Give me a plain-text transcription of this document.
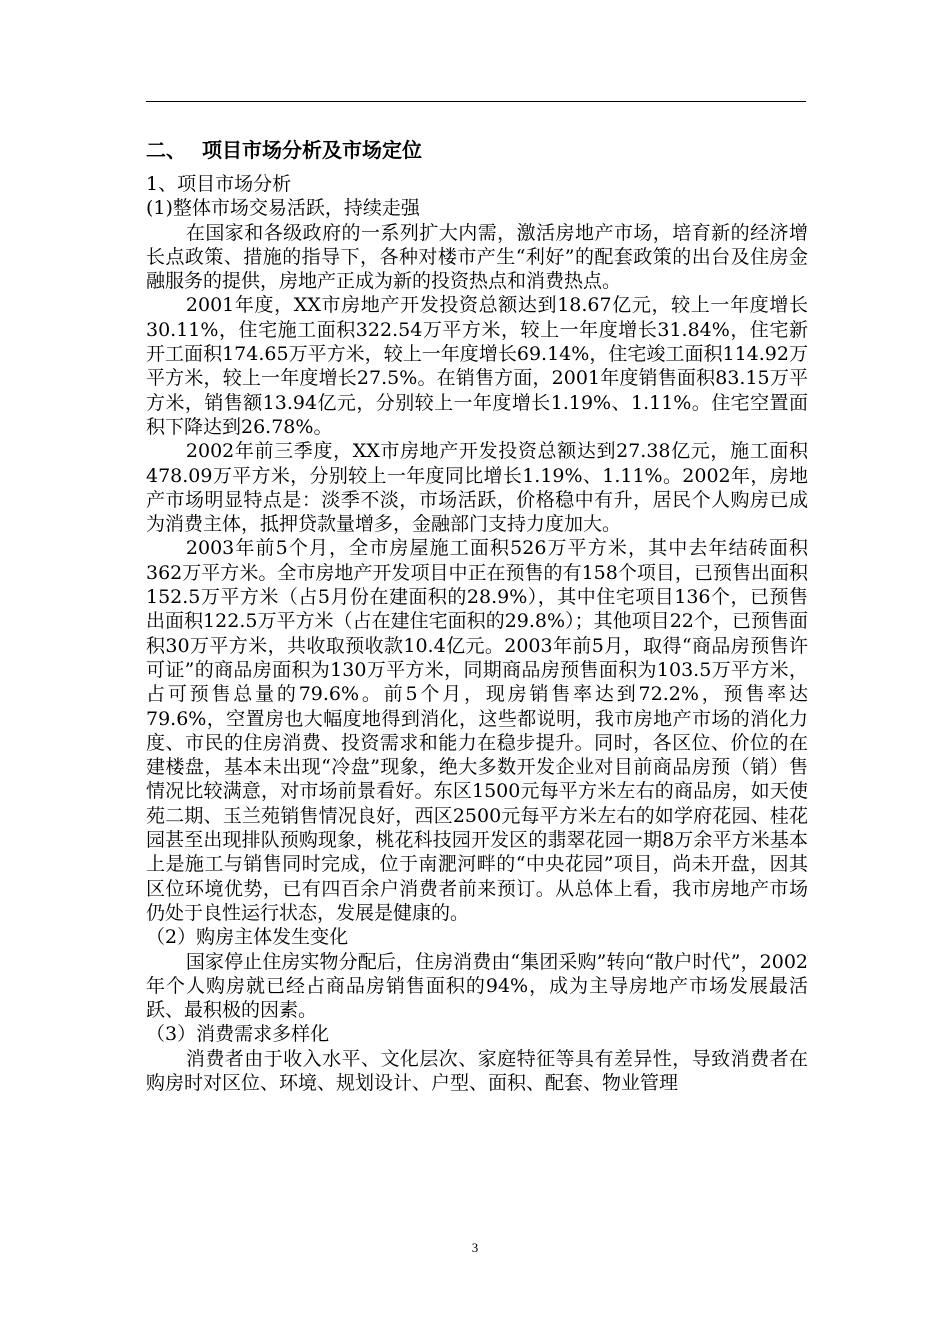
二、 项目市场分析及市场定位

1、项目市场分析

(1)整体市场交易活跃，持续走强

在国家和各级政府的一系列扩大内需，激活房地产市场，培育新的经济增长点政策、措施的指导下，各种对楼市产生“利好”的配套政策的出台及住房金融服务的提供，房地产正成为新的投资热点和消费热点。

2001年度，XX市房地产开发投资总额达到18.67亿元，较上一年度增长30.11%，住宅施工面积322.54万平方米，较上一年度增长31.84%，住宅新开工面积174.65万平方米，较上一年度增长69.14%，住宅竣工面积114.92万平方米，较上一年度增长27.5%。在销售方面，2001年度销售面积83.15万平方米，销售额13.94亿元，分别较上一年度增长1.19%、1.11%。住宅空置面积下降达到26.78%。

2002年前三季度，XX市房地产开发投资总额达到27.38亿元，施工面积478.09万平方米，分别较上一年度同比增长1.19%、1.11%。2002年，房地产市场明显特点是：淡季不淡，市场活跃，价格稳中有升，居民个人购房已成为消费主体，抵押贷款量增多，金融部门支持力度加大。

2003年前5个月，全市房屋施工面积526万平方米，其中去年结砖面积362万平方米。全市房地产开发项目中正在预售的有158个项目，已预售出面积152.5万平方米（占5月份在建面积的28.9%），其中住宅项目136个，已预售出面积122.5万平方米（占在建住宅面积的29.8%）；其他项目22个，已预售面积30万平方米，共收取预收款10.4亿元。2003年前5月，取得“商品房预售许可证”的商品房面积为130万平方米，同期商品房预售面积为103.5万平方米，占可预售总量的79.6%。前5个月，现房销售率达到72.2%，预售率达79.6%，空置房也大幅度地得到消化，这些都说明，我市房地产市场的消化力度、市民的住房消费、投资需求和能力在稳步提升。同时，各区位、价位的在建楼盘，基本未出现“冷盘”现象，绝大多数开发企业对目前商品房预（销）售情况比较满意，对市场前景看好。东区1500元每平方米左右的商品房，如天使苑二期、玉兰苑销售情况良好，西区2500元每平方米左右的如学府花园、桂花园甚至出现排队预购现象，桃花科技园开发区的翡翠花园一期8万余平方米基本上是施工与销售同时完成，位于南淝河畔的“中央花园”项目，尚未开盘，因其区位环境优势，已有四百余户消费者前来预订。从总体上看，我市房地产市场仍处于良性运行状态，发展是健康的。

（2）购房主体发生变化

国家停止住房实物分配后，住房消费由“集团采购”转向“散户时代”，2002年个人购房就已经占商品房销售面积的94%，成为主导房地产市场发展最活跃、最积极的因素。

（3）消费需求多样化

消费者由于收入水平、文化层次、家庭特征等具有差异性，导致消费者在购房时对区位、环境、规划设计、户型、面积、配套、物业管理

3
